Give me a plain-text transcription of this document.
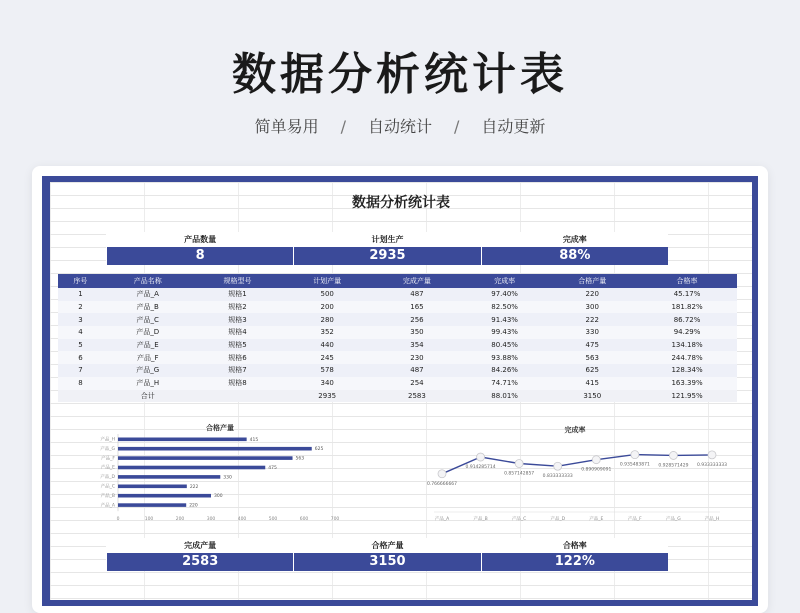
数据分析统计表
简单易用 / 自动统计 / 自动更新
数据分析统计表
产品数量
8
计划生产
2935
完成率
88%
序号	产品名称	规格型号	计划产量	完成产量	完成率	合格产量	合格率
1	产品_A	规格1	500	487	97.40%	220	45.17%
2	产品_B	规格2	200	165	82.50%	300	181.82%
3	产品_C	规格3	280	256	91.43%	222	86.72%
4	产品_D	规格4	352	350	99.43%	330	94.29%
5	产品_E	规格5	440	354	80.45%	475	134.18%
6	产品_F	规格6	245	230	93.88%	563	244.78%
7	产品_G	规格7	578	487	84.26%	625	128.34%
8	产品_H	规格8	340	254	74.71%	415	163.39%
	合计		2935	2583	88.01%	3150	121.95%
合格产量
产品_H	415
产品_G	625
产品_F	563
产品_E	475
产品_D	330
产品_C	222
产品_B	300
产品_A	220
0	100	200	300	400	500	600	700
完成率
0.766666667
产品_A
0.914285714
产品_B
0.857142857
产品_C
0.833333333
产品_D
0.890909091
产品_E
0.935483871
产品_F
0.928571429
产品_G
0.933333333
产品_H
完成产量
2583
合格产量
3150
合格率
122%
